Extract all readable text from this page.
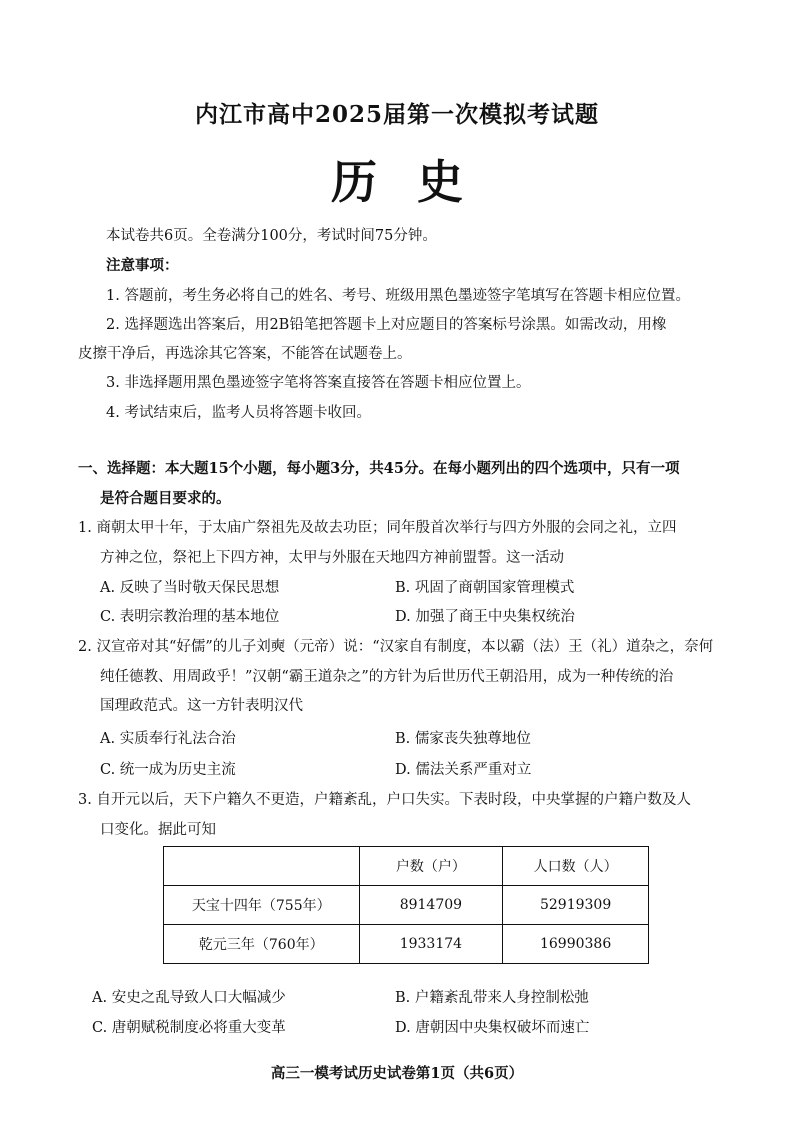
内江市高中2025届第一次模拟考试题
历史
本试卷共6页。全卷满分100分，考试时间75分钟。
注意事项：
1. 答题前，考生务必将自己的姓名、考号、班级用黑色墨迹签字笔填写在答题卡相应位置。
2. 选择题选出答案后，用2B铅笔把答题卡上对应题目的答案标号涂黑。如需改动，用橡
皮擦干净后，再选涂其它答案，不能答在试题卷上。
3. 非选择题用黑色墨迹签字笔将答案直接答在答题卡相应位置上。
4. 考试结束后，监考人员将答题卡收回。
一、选择题：本大题15个小题，每小题3分，共45分。在每小题列出的四个选项中，只有一项
是符合题目要求的。
1. 商朝太甲十年，于太庙广祭祖先及故去功臣；同年殷首次举行与四方外服的会同之礼，立四
方神之位，祭祀上下四方神，太甲与外服在天地四方神前盟誓。这一活动
A. 反映了当时敬天保民思想	B. 巩固了商朝国家管理模式
C. 表明宗教治理的基本地位	D. 加强了商王中央集权统治
2. 汉宣帝对其“好儒”的儿子刘奭（元帝）说：“汉家自有制度，本以霸（法）王（礼）道杂之，奈何
纯任德教、用周政乎！”汉朝“霸王道杂之”的方针为后世历代王朝沿用，成为一种传统的治
国理政范式。这一方针表明汉代
A. 实质奉行礼法合治	B. 儒家丧失独尊地位
C. 统一成为历史主流	D. 儒法关系严重对立
3. 自开元以后，天下户籍久不更造，户籍紊乱，户口失实。下表时段，中央掌握的户籍户数及人
口变化。据此可知
	户数（户）	人口数（人）
天宝十四年（755年）	8914709	52919309
乾元三年（760年）	1933174	16990386
A. 安史之乱导致人口大幅减少	B. 户籍紊乱带来人身控制松弛
C. 唐朝赋税制度必将重大变革	D. 唐朝因中央集权破坏而速亡
高三一模考试历史试卷第1页（共6页）
